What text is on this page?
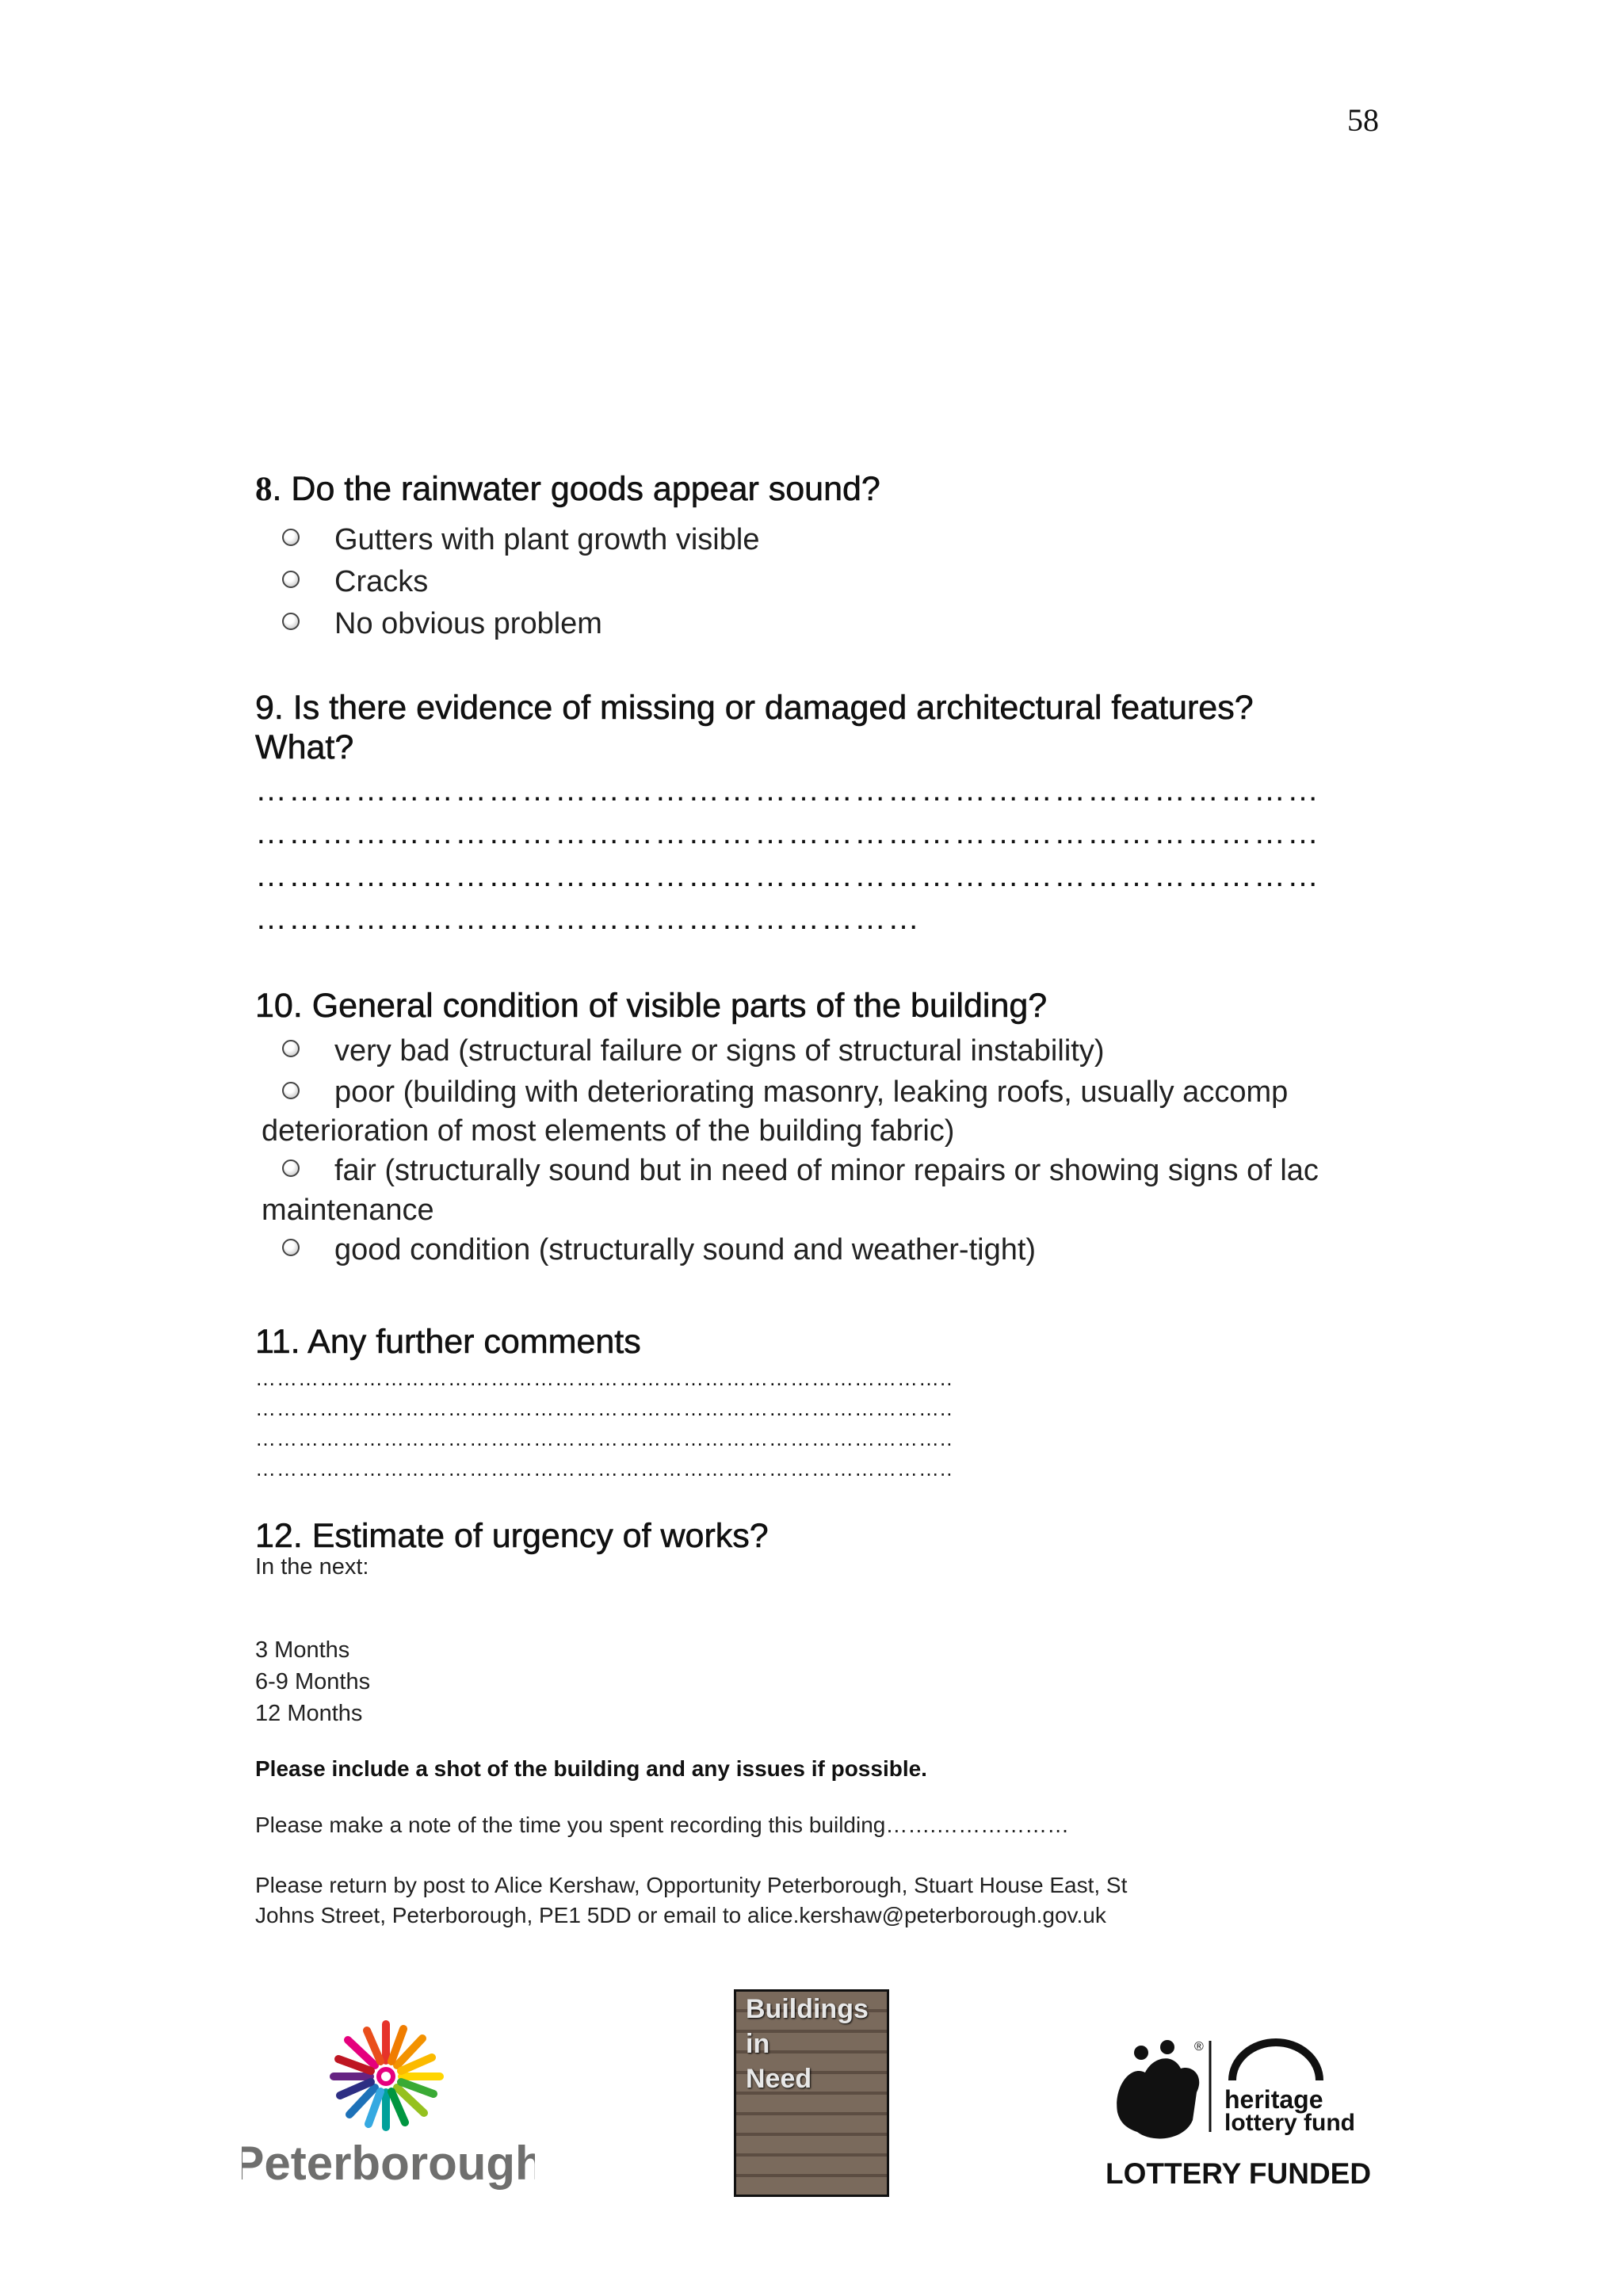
58
8. Do the rainwater goods appear sound?
Gutters with plant growth visible
Cracks
No obvious problem
9. Is there evidence of missing or damaged architectural features?
What?
……………………………………………………………………………………
……………………………………………………………………………………
……………………………………………………………………………………
……………………………………………………
10. General condition of visible parts of the building?
very bad (structural failure or signs of structural instability)
poor (building with deteriorating masonry, leaking roofs, usually accomp
deterioration of most elements of the building fabric)
fair (structurally sound but in need of minor repairs or showing signs of lac
maintenance
good condition (structurally sound and weather-tight)
11. Any further comments
……………………………………………………………………………………..
……………………………………………………………………………………..
……………………………………………………………………………………..
……………………………………………………………………………………..
12. Estimate of urgency of works?
In the next:
3 Months
6-9 Months
12 Months
Please include a shot of the building and any issues if possible.
Please make a note of the time you spent recording this building…….………………
Please return by post to Alice Kershaw, Opportunity Peterborough, Stuart House East, St
Johns Street, Peterborough, PE1 5DD or email to alice.kershaw@peterborough.gov.uk
Peterborough
Buildings
in
Need
®
heritage
lottery fund
LOTTERY FUNDED
